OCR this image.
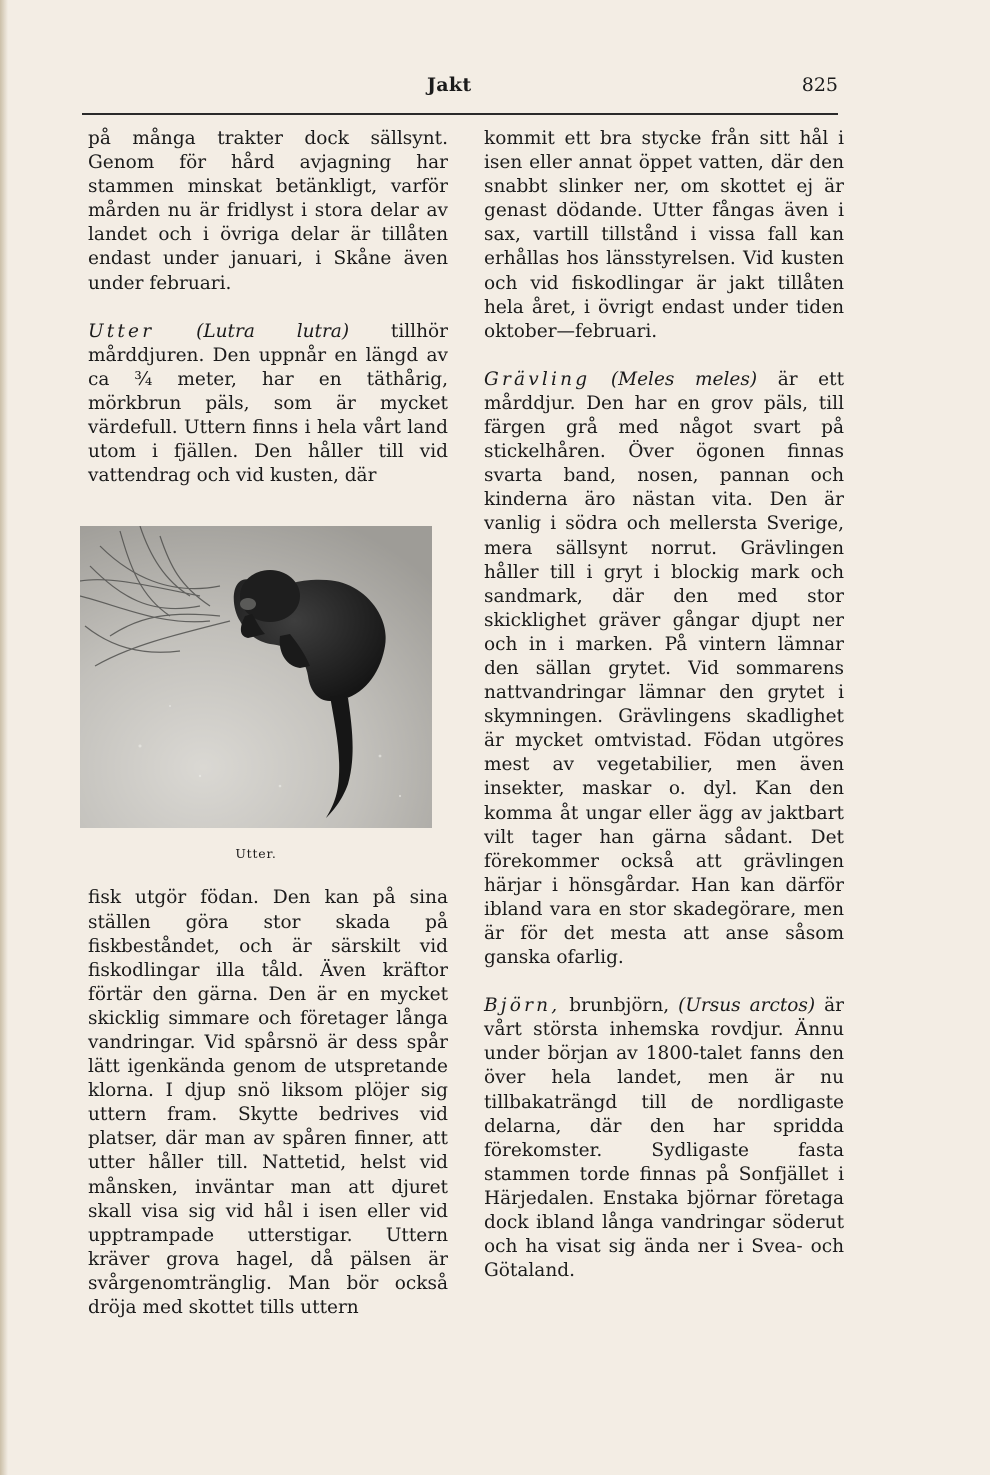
Jakt	825

på många trakter dock sällsynt. Genom för hård avjagning har stammen minskat betänkligt, varför mården nu är fridlyst i stora delar av landet och i övriga delar är tillåten endast under januari, i Skåne även under februari.

Utter (Lutra lutra) tillhör mårddjuren. Den uppnår en längd av ca ¾ meter, har en täthårig, mörkbrun päls, som är mycket värdefull. Uttern finns i hela vårt land utom i fjällen. Den håller till vid vattendrag och vid kusten, där

Utter.

fisk utgör födan. Den kan på sina ställen göra stor skada på fiskbeståndet, och är särskilt vid fiskodlingar illa tåld. Även kräftor förtär den gärna. Den är en mycket skicklig simmare och företager långa vandringar. Vid spårsnö är dess spår lätt igenkända genom de utspretande klorna. I djup snö liksom plöjer sig uttern fram. Skytte bedrives vid platser, där man av spåren finner, att utter håller till. Nattetid, helst vid månsken, inväntar man att djuret skall visa sig vid hål i isen eller vid upptrampade utterstigar. Uttern kräver grova hagel, då pälsen är svårgenomtränglig. Man bör också dröja med skottet tills uttern

kommit ett bra stycke från sitt hål i isen eller annat öppet vatten, där den snabbt slinker ner, om skottet ej är genast dödande. Utter fångas även i sax, vartill tillstånd i vissa fall kan erhållas hos länsstyrelsen. Vid kusten och vid fiskodlingar är jakt tillåten hela året, i övrigt endast under tiden oktober—februari.

Grävling (Meles meles) är ett mårddjur. Den har en grov päls, till färgen grå med något svart på stickelhåren. Över ögonen finnas svarta band, nosen, pannan och kinderna äro nästan vita. Den är vanlig i södra och mellersta Sverige, mera sällsynt norrut. Grävlingen håller till i gryt i blockig mark och sandmark, där den med stor skicklighet gräver gångar djupt ner och in i marken. På vintern lämnar den sällan grytet. Vid sommarens nattvandringar lämnar den grytet i skymningen. Grävlingens skadlighet är mycket omtvistad. Födan utgöres mest av vegetabilier, men även insekter, maskar o. dyl. Kan den komma åt ungar eller ägg av jaktbart vilt tager han gärna sådant. Det förekommer också att grävlingen härjar i hönsgårdar. Han kan därför ibland vara en stor skadegörare, men är för det mesta att anse såsom ganska ofarlig.

Björn, brunbjörn, (Ursus arctos) är vårt största inhemska rovdjur. Ännu under början av 1800-talet fanns den över hela landet, men är nu tillbakaträngd till de nordligaste delarna, där den har spridda förekomster. Sydligaste fasta stammen torde finnas på Sonfjället i Härjedalen. Enstaka björnar företaga dock ibland långa vandringar söderut och ha visat sig ända ner i Svea- och Götaland.
